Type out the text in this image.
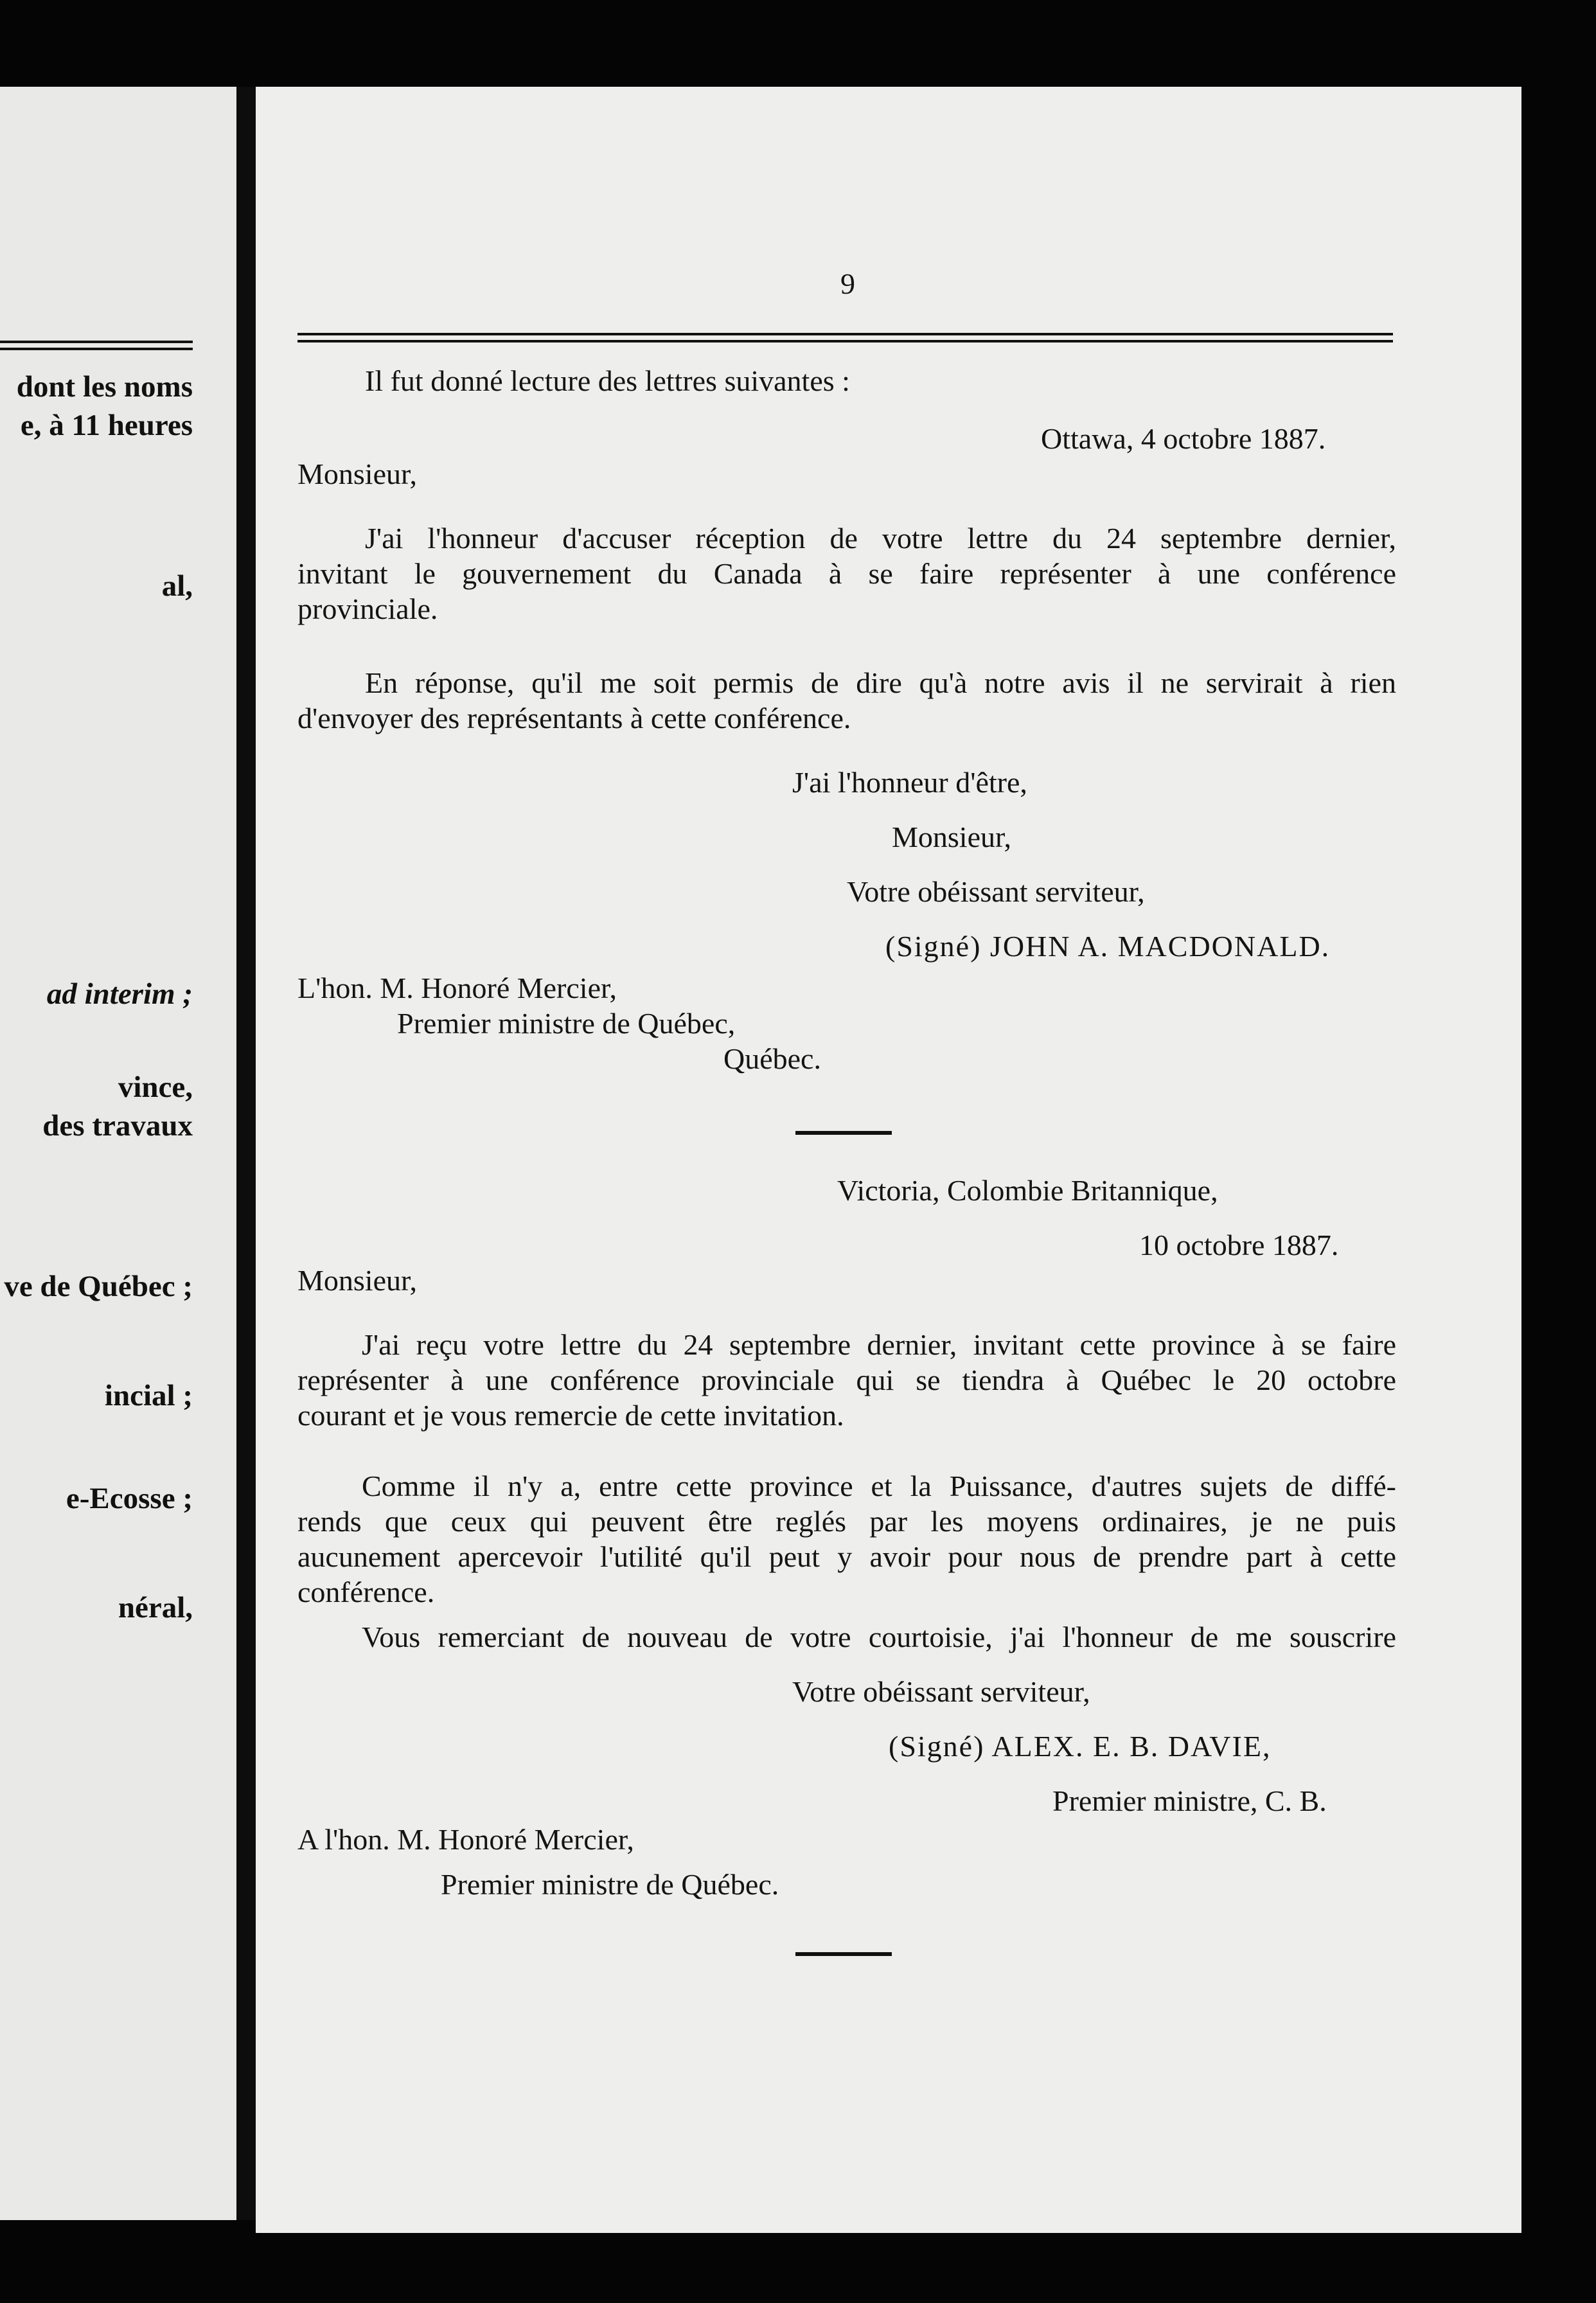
dont les noms
e, à 11 heures
al,
ad interim ;
vince,
des travaux
ve de Québec ;
incial ;
e-Ecosse ;
néral,
9
Il fut donné lecture des lettres suivantes :
Ottawa, 4 octobre 1887.
Monsieur,
J'ai l'honneur d'accuser réception de votre lettre du 24 septembre dernier,
invitant le gouvernement du Canada à se faire représenter à une conférence
provinciale.
En réponse, qu'il me soit permis de dire qu'à notre avis il ne servirait à rien
d'envoyer des représentants à cette conférence.
J'ai l'honneur d'être,
Monsieur,
Votre obéissant serviteur,
(Signé) JOHN A. MACDONALD.
L'hon. M. Honoré Mercier,
Premier ministre de Québec,
Québec.
Victoria, Colombie Britannique,
10 octobre 1887.
Monsieur,
J'ai reçu votre lettre du 24 septembre dernier, invitant cette province à se faire
représenter à une conférence provinciale qui se tiendra à Québec le 20 octobre
courant et je vous remercie de cette invitation.
Comme il n'y a, entre cette province et la Puissance, d'autres sujets de diffé-
rends que ceux qui peuvent être reglés par les moyens ordinaires, je ne puis
aucunement apercevoir l'utilité qu'il peut y avoir pour nous de prendre part à cette
conférence.
Vous remerciant de nouveau de votre courtoisie, j'ai l'honneur de me souscrire
Votre obéissant serviteur,
(Signé) ALEX. E. B. DAVIE,
Premier ministre, C. B.
A l'hon. M. Honoré Mercier,
Premier ministre de Québec.
